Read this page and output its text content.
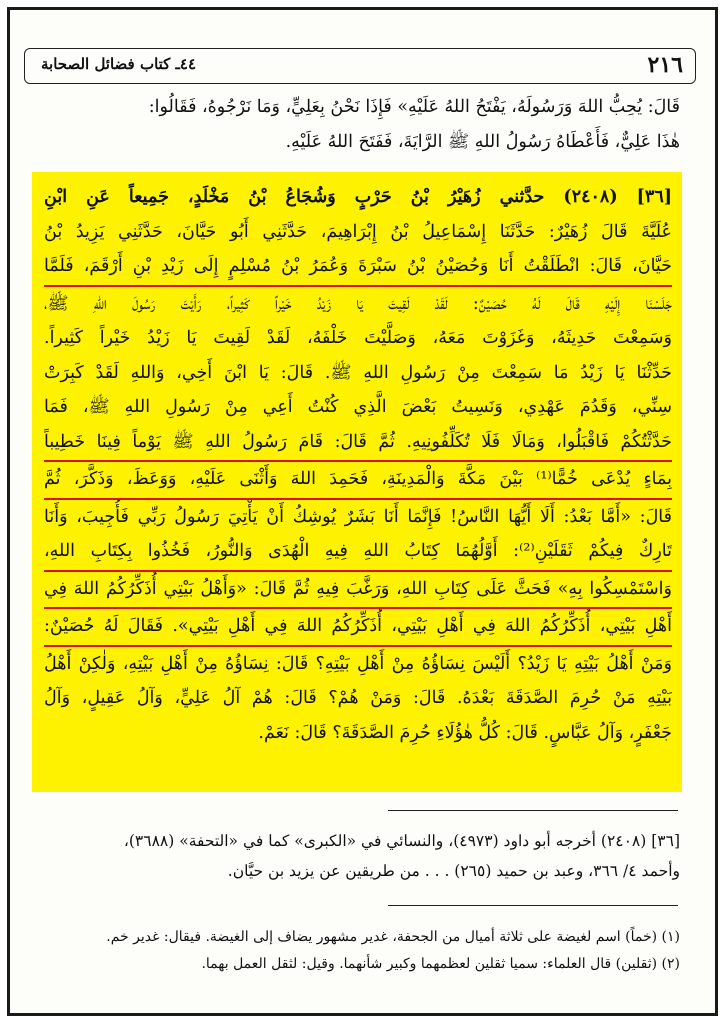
٢١٦
٤٤ـ كتاب فضائل الصحابة
قَالَ: يُحِبُّ اللهَ وَرَسُولَهُ، يَفْتَحُ اللهُ عَلَيْهِ» فَإِذَا نَحْنُ بِعَلِيٍّ، وَمَا نَرْجُوهُ، فَقَالُوا:
هٰذَا عَلِيٌّ، فَأَعْطَاهُ رَسُولُ اللهِ ﷺ الرَّايَةَ، فَفَتَحَ اللهُ عَلَيْهِ.
[٣٦] (٢٤٠٨) حدَّثني زُهَيْرُ بْنُ حَرْبٍ وَشُجَاعُ بْنُ مَخْلَدٍ، جَمِيعاً عَنِ ابْنِ
عُلَيَّةَ قَالَ زُهَيْرٌ: حَدَّثَنَا إِسْمَاعِيلُ بْنُ إِبْرَاهِيمَ، حَدَّثَنِي أَبُو حَيَّانَ، حَدَّثَنِي يَزِيدُ بْنُ
حَيَّانَ، قَالَ: انْطَلَقْتُ أَنَا وَحُصَيْنُ بْنُ سَبْرَةَ وَعُمَرُ بْنُ مُسْلِمٍ إِلَى زَيْدِ بْنِ أَرْقَمَ، فَلَمَّا
جَلَسْنَا إِلَيْهِ قَالَ لَهُ حُصَيْنٌ: لَقَدْ لَقِيتَ يَا زَيْدُ خَيْراً كَثِيراً، رَأَيْتَ رَسُولَ اللهِ ﷺ،
وَسَمِعْتَ حَدِيثَهُ، وَغَزَوْتَ مَعَهُ، وَصَلَّيْتَ خَلْفَهُ، لَقَدْ لَقِيتَ يَا زَيْدُ خَيْراً كَثِيراً.
حَدِّثْنَا يَا زَيْدُ مَا سَمِعْتَ مِنْ رَسُولِ اللهِ ﷺ. قَالَ: يَا ابْنَ أَخِي، وَاللهِ لَقَدْ كَبِرَتْ
سِنِّي، وَقَدُمَ عَهْدِي، وَنَسِيتُ بَعْضَ الَّذِي كُنْتُ أَعِي مِنْ رَسُولِ اللهِ ﷺ، فَمَا
حَدَّثْتُكُمْ فَاقْبَلُوا، وَمَالَا فَلَا تُكَلِّفُونِيهِ. ثُمَّ قَالَ: قَامَ رَسُولُ اللهِ ﷺ يَوْماً فِينَا خَطِيباً
بِمَاءٍ يُدْعَى خُمًّا⁽¹⁾ بَيْنَ مَكَّةَ وَالْمَدِينَةِ، فَحَمِدَ اللهَ وَأَثْنَى عَلَيْهِ، وَوَعَظَ، وَذَكَّرَ، ثُمَّ
قَالَ: «أَمَّا بَعْدُ: أَلَا أَيُّهَا النَّاسُ! فَإِنَّمَا أَنَا بَشَرٌ يُوشِكُ أَنْ يَأْتِيَ رَسُولُ رَبِّي فَأُجِيبَ، وَأَنَا
تَارِكٌ فِيكُمْ ثَقَلَيْنِ⁽²⁾: أَوَّلُهُمَا كِتَابُ اللهِ فِيهِ الْهُدَى وَالنُّورُ، فَخُذُوا بِكِتَابِ اللهِ،
وَاسْتَمْسِكُوا بِهِ» فَحَثَّ عَلَى كِتَابِ اللهِ، وَرَغَّبَ فِيهِ ثُمَّ قَالَ: «وَأَهْلُ بَيْتِي أُذَكِّرُكُمُ اللهَ فِي
أَهْلِ بَيْتِي، أُذَكِّرُكُمُ اللهَ فِي أَهْلِ بَيْتِي، أُذَكِّرُكُمُ اللهَ فِي أَهْلِ بَيْتِي». فَقَالَ لَهُ حُصَيْنٌ:
وَمَنْ أَهْلُ بَيْتِهِ يَا زَيْدُ؟ أَلَيْسَ نِسَاؤُهُ مِنْ أَهْلِ بَيْتِهِ؟ قَالَ: نِسَاؤُهُ مِنْ أَهْلِ بَيْتِهِ، وَلٰكِنْ أَهْلُ
بَيْتِهِ مَنْ حُرِمَ الصَّدَقَةَ بَعْدَهُ. قَالَ: وَمَنْ هُمْ؟ قَالَ: هُمْ آلُ عَلِيٍّ، وَآلُ عَقِيلٍ، وَآلُ
جَعْفَرٍ، وَآلُ عَبَّاسٍ. قَالَ: كُلُّ هٰؤُلَاءِ حُرِمَ الصَّدَقَةَ؟ قَالَ: نَعَمْ.
[٣٦] (٢٤٠٨) أخرجه أبو داود (٤٩٧٣)، والنسائي في «الكبرى» كما في «التحفة» (٣٦٨٨)،
وأحمد ٤/ ٣٦٦، وعبد بن حميد (٢٦٥) . . . من طريقين عن يزيد بن حيَّان.
(١) (خماً) اسم لغيضة على ثلاثة أميال من الجحفة، غدير مشهور يضاف إلى الغيضة. فيقال: غدير خم.
(٢) (ثقلين) قال العلماء: سميا ثقلين لعظمهما وكبير شأنهما. وقيل: لثقل العمل بهما.
